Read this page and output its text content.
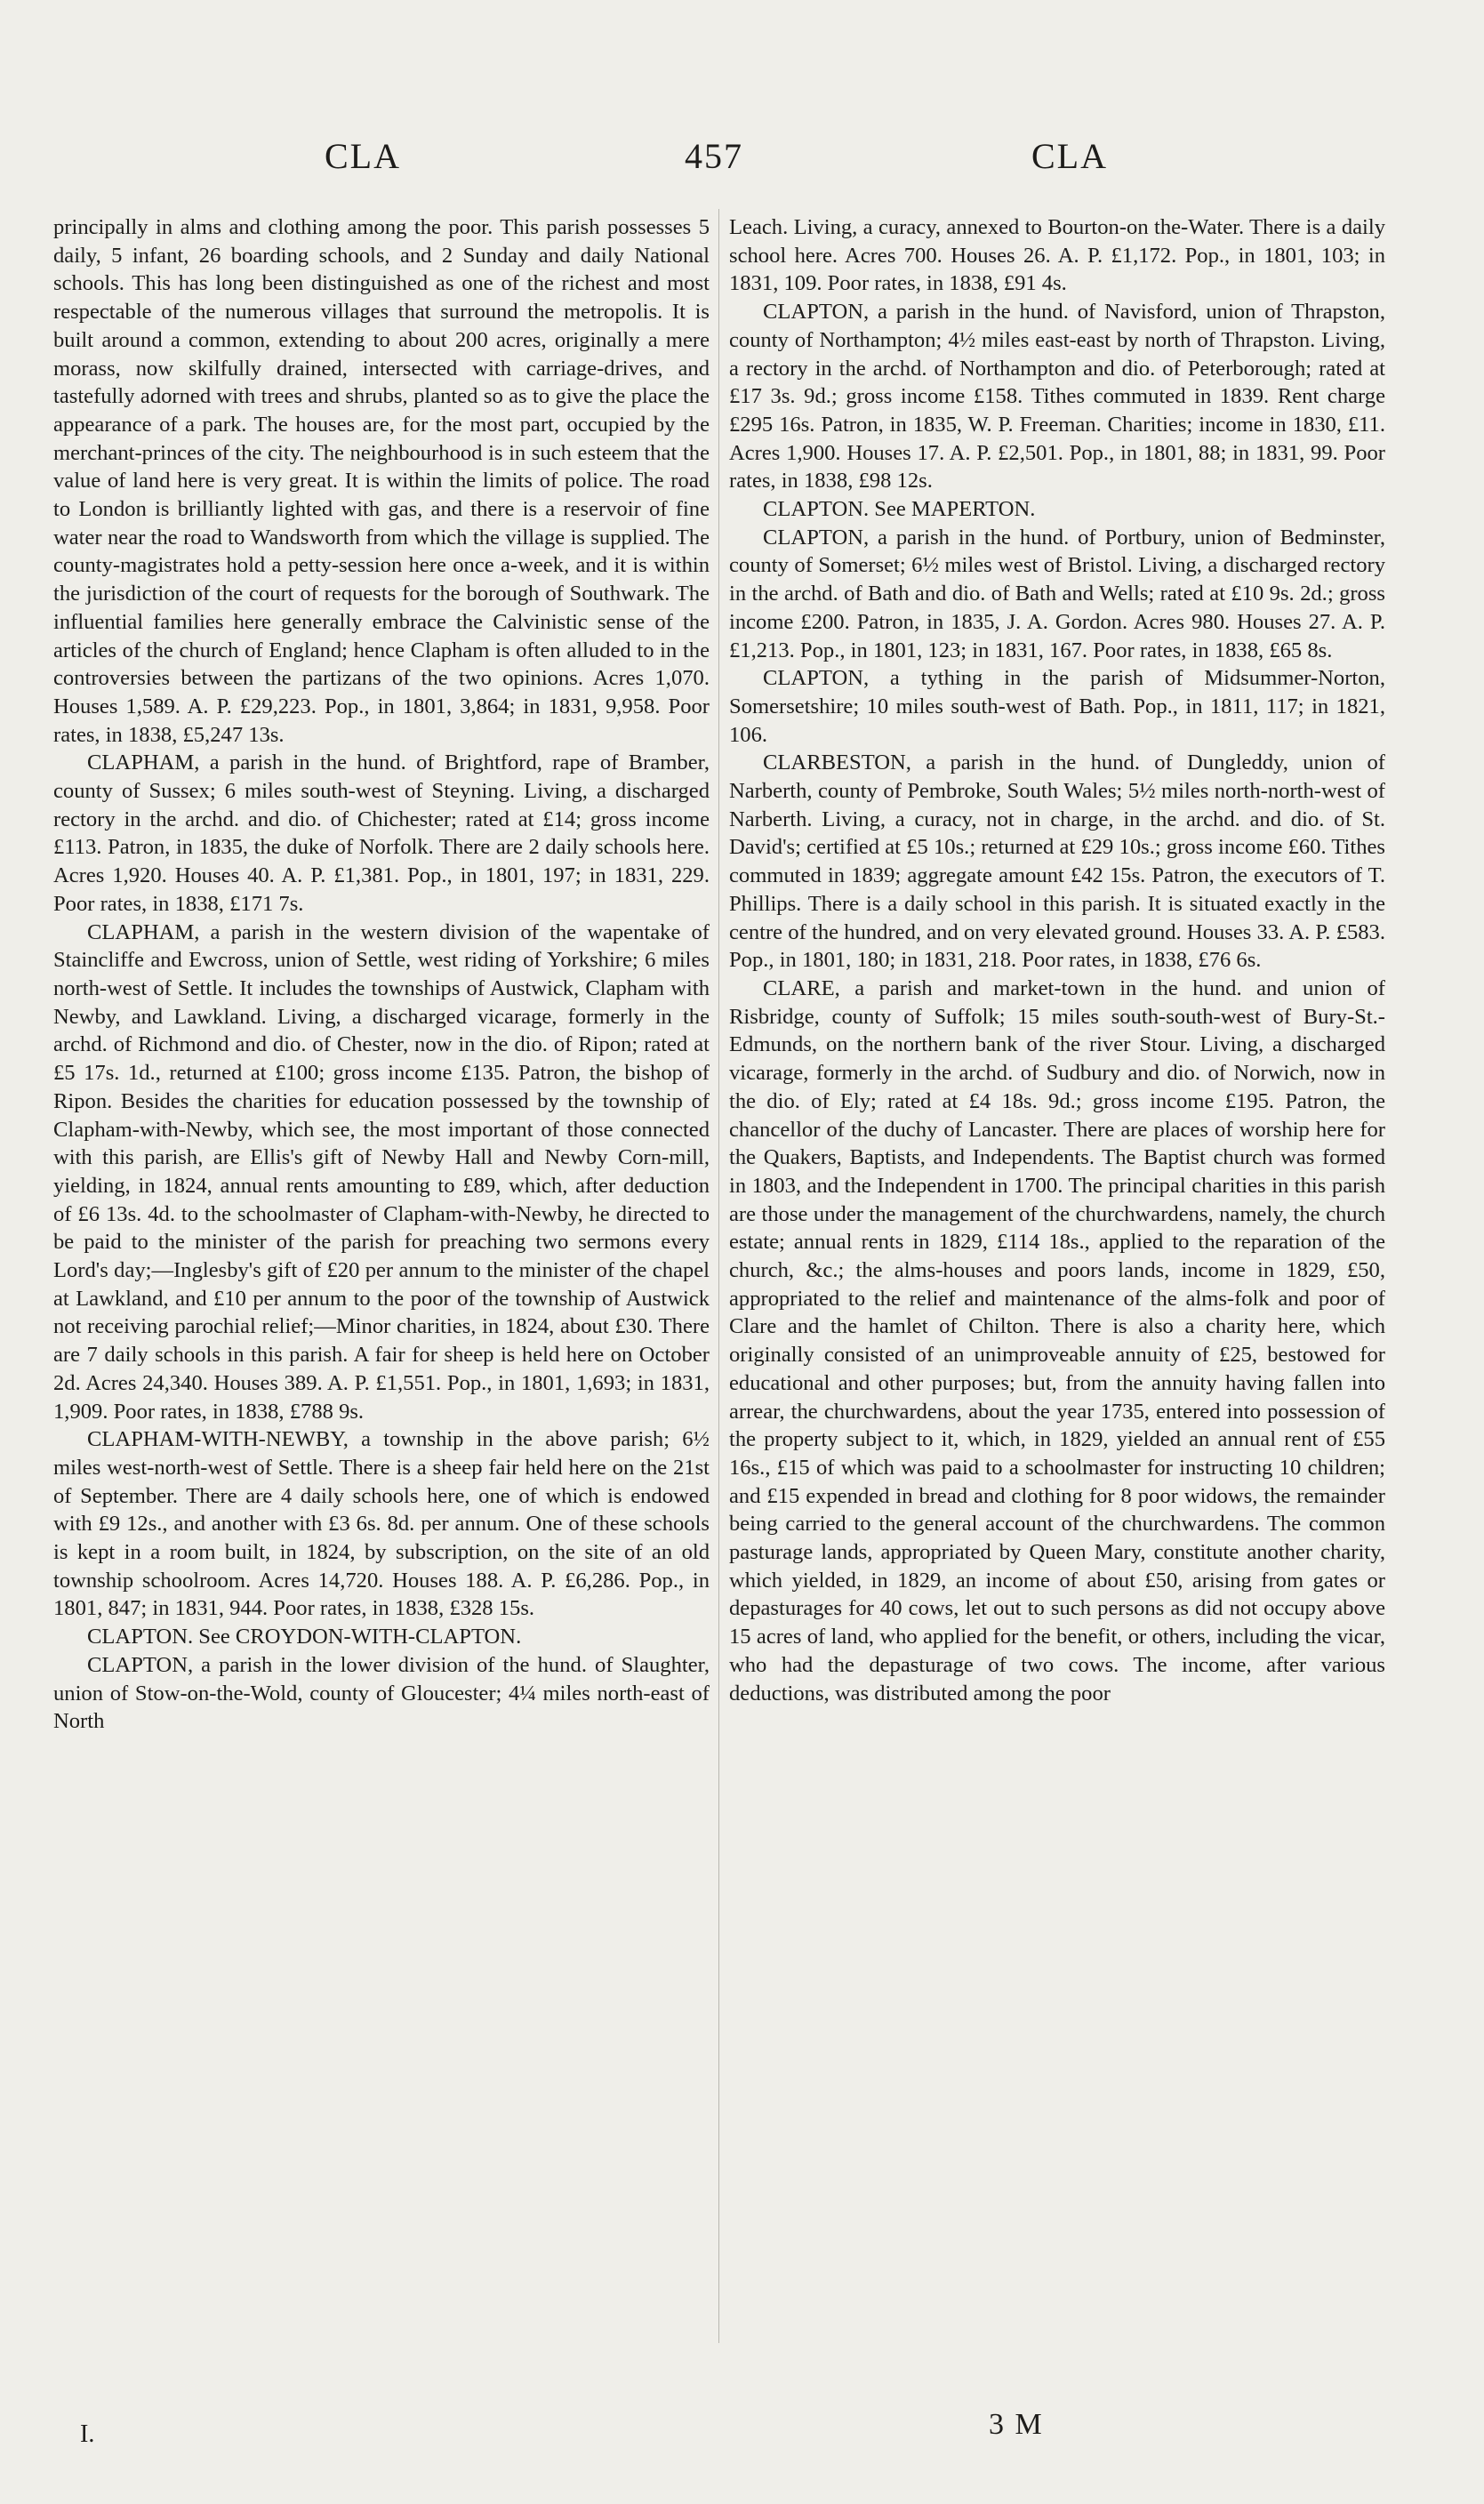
CLA	457	CLA

principally in alms and clothing among the poor. This parish possesses 5 daily, 5 infant, 26 boarding schools, and 2 Sunday and daily National schools. This has long been distinguished as one of the richest and most respectable of the numerous villages that surround the metropolis. It is built around a common, extending to about 200 acres, originally a mere morass, now skilfully drained, intersected with carriage-drives, and tastefully adorned with trees and shrubs, planted so as to give the place the appearance of a park. The houses are, for the most part, occupied by the merchant-princes of the city. The neighbourhood is in such esteem that the value of land here is very great. It is within the limits of police. The road to London is brilliantly lighted with gas, and there is a reservoir of fine water near the road to Wandsworth from which the village is supplied. The county-magistrates hold a petty-session here once a-week, and it is within the jurisdiction of the court of requests for the borough of Southwark. The influential families here generally embrace the Calvinistic sense of the articles of the church of England; hence Clapham is often alluded to in the controversies between the partizans of the two opinions. Acres 1,070. Houses 1,589. A. P. £29,223. Pop., in 1801, 3,864; in 1831, 9,958. Poor rates, in 1838, £5,247 13s.

CLAPHAM, a parish in the hund. of Brightford, rape of Bramber, county of Sussex; 6 miles south-west of Steyning. Living, a discharged rectory in the archd. and dio. of Chichester; rated at £14; gross income £113. Patron, in 1835, the duke of Norfolk. There are 2 daily schools here. Acres 1,920. Houses 40. A. P. £1,381. Pop., in 1801, 197; in 1831, 229. Poor rates, in 1838, £171 7s.

CLAPHAM, a parish in the western division of the wapentake of Staincliffe and Ewcross, union of Settle, west riding of Yorkshire; 6 miles north-west of Settle. It includes the townships of Austwick, Clapham with Newby, and Lawkland. Living, a discharged vicarage, formerly in the archd. of Richmond and dio. of Chester, now in the dio. of Ripon; rated at £5 17s. 1d., returned at £100; gross income £135. Patron, the bishop of Ripon. Besides the charities for education possessed by the township of Clapham-with-Newby, which see, the most important of those connected with this parish, are Ellis's gift of Newby Hall and Newby Corn-mill, yielding, in 1824, annual rents amounting to £89, which, after deduction of £6 13s. 4d. to the schoolmaster of Clapham-with-Newby, he directed to be paid to the minister of the parish for preaching two sermons every Lord's day;—Inglesby's gift of £20 per annum to the minister of the chapel at Lawkland, and £10 per annum to the poor of the township of Austwick not receiving parochial relief;—Minor charities, in 1824, about £30. There are 7 daily schools in this parish. A fair for sheep is held here on October 2d. Acres 24,340. Houses 389. A. P. £1,551. Pop., in 1801, 1,693; in 1831, 1,909. Poor rates, in 1838, £788 9s.

CLAPHAM-WITH-NEWBY, a township in the above parish; 6½ miles west-north-west of Settle. There is a sheep fair held here on the 21st of September. There are 4 daily schools here, one of which is endowed with £9 12s., and another with £3 6s. 8d. per annum. One of these schools is kept in a room built, in 1824, by subscription, on the site of an old township schoolroom. Acres 14,720. Houses 188. A. P. £6,286. Pop., in 1801, 847; in 1831, 944. Poor rates, in 1838, £328 15s.

CLAPTON. See CROYDON-WITH-CLAPTON.

CLAPTON, a parish in the lower division of the hund. of Slaughter, union of Stow-on-the-Wold, county of Gloucester; 4¼ miles north-east of North

Leach. Living, a curacy, annexed to Bourton-on the-Water. There is a daily school here. Acres 700. Houses 26. A. P. £1,172. Pop., in 1801, 103; in 1831, 109. Poor rates, in 1838, £91 4s.

CLAPTON, a parish in the hund. of Navisford, union of Thrapston, county of Northampton; 4½ miles east-east by north of Thrapston. Living, a rectory in the archd. of Northampton and dio. of Peterborough; rated at £17 3s. 9d.; gross income £158. Tithes commuted in 1839. Rent charge £295 16s. Patron, in 1835, W. P. Freeman. Charities; income in 1830, £11. Acres 1,900. Houses 17. A. P. £2,501. Pop., in 1801, 88; in 1831, 99. Poor rates, in 1838, £98 12s.

CLAPTON. See MAPERTON.

CLAPTON, a parish in the hund. of Portbury, union of Bedminster, county of Somerset; 6½ miles west of Bristol. Living, a discharged rectory in the archd. of Bath and dio. of Bath and Wells; rated at £10 9s. 2d.; gross income £200. Patron, in 1835, J. A. Gordon. Acres 980. Houses 27. A. P. £1,213. Pop., in 1801, 123; in 1831, 167. Poor rates, in 1838, £65 8s.

CLAPTON, a tything in the parish of Midsummer-Norton, Somersetshire; 10 miles south-west of Bath. Pop., in 1811, 117; in 1821, 106.

CLARBESTON, a parish in the hund. of Dungleddy, union of Narberth, county of Pembroke, South Wales; 5½ miles north-north-west of Narberth. Living, a curacy, not in charge, in the archd. and dio. of St. David's; certified at £5 10s.; returned at £29 10s.; gross income £60. Tithes commuted in 1839; aggregate amount £42 15s. Patron, the executors of T. Phillips. There is a daily school in this parish. It is situated exactly in the centre of the hundred, and on very elevated ground. Houses 33. A. P. £583. Pop., in 1801, 180; in 1831, 218. Poor rates, in 1838, £76 6s.

CLARE, a parish and market-town in the hund. and union of Risbridge, county of Suffolk; 15 miles south-south-west of Bury-St.-Edmunds, on the northern bank of the river Stour. Living, a discharged vicarage, formerly in the archd. of Sudbury and dio. of Norwich, now in the dio. of Ely; rated at £4 18s. 9d.; gross income £195. Patron, the chancellor of the duchy of Lancaster. There are places of worship here for the Quakers, Baptists, and Independents. The Baptist church was formed in 1803, and the Independent in 1700. The principal charities in this parish are those under the management of the churchwardens, namely, the church estate; annual rents in 1829, £114 18s., applied to the reparation of the church, &c.; the alms-houses and poors lands, income in 1829, £50, appropriated to the relief and maintenance of the alms-folk and poor of Clare and the hamlet of Chilton. There is also a charity here, which originally consisted of an unimproveable annuity of £25, bestowed for educational and other purposes; but, from the annuity having fallen into arrear, the churchwardens, about the year 1735, entered into possession of the property subject to it, which, in 1829, yielded an annual rent of £55 16s., £15 of which was paid to a schoolmaster for instructing 10 children; and £15 expended in bread and clothing for 8 poor widows, the remainder being carried to the general account of the churchwardens. The common pasturage lands, appropriated by Queen Mary, constitute another charity, which yielded, in 1829, an income of about £50, arising from gates or depasturages for 40 cows, let out to such persons as did not occupy above 15 acres of land, who applied for the benefit, or others, including the vicar, who had the depasturage of two cows. The income, after various deductions, was distributed among the poor

I.	3 M
